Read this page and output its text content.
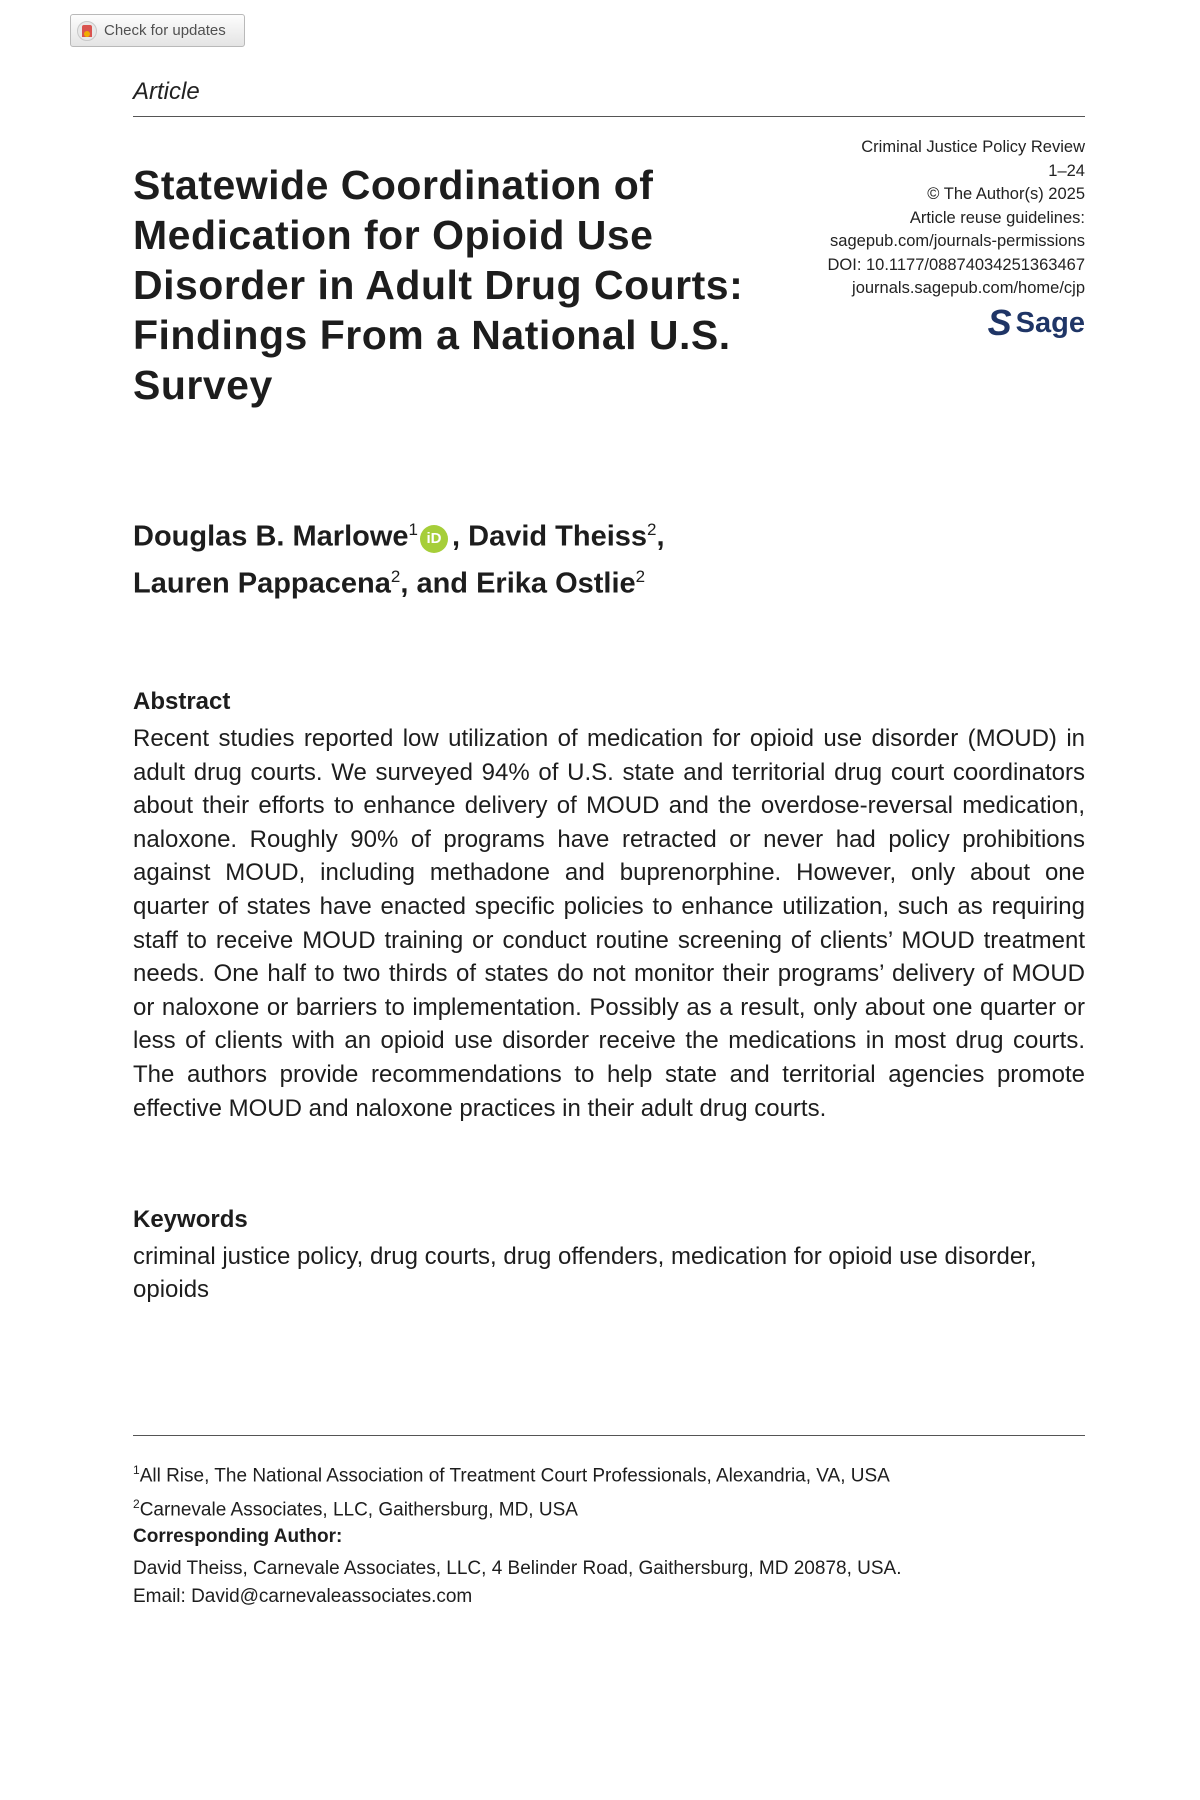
Check for updates
Article
Statewide Coordination of Medication for Opioid Use Disorder in Adult Drug Courts: Findings From a National U.S. Survey
Criminal Justice Policy Review
1–24
© The Author(s) 2025
Article reuse guidelines:
sagepub.com/journals-permissions
DOI: 10.1177/08874034251363467
journals.sagepub.com/home/cjp
S Sage
Douglas B. Marlowe$^1$ iD , David Theiss$^2$,
Lauren Pappacena$^2$, and Erika Ostlie$^2$
Abstract

Recent studies reported low utilization of medication for opioid use disorder (MOUD) in adult drug courts. We surveyed 94% of U.S. state and territorial drug court coordinators about their efforts to enhance delivery of MOUD and the overdose-reversal medication, naloxone. Roughly 90% of programs have retracted or never had policy prohibitions against MOUD, including methadone and buprenorphine. However, only about one quarter of states have enacted specific policies to enhance utilization, such as requiring staff to receive MOUD training or conduct routine screening of clients’ MOUD treatment needs. One half to two thirds of states do not monitor their programs’ delivery of MOUD or naloxone or barriers to implementation. Possibly as a result, only about one quarter or less of clients with an opioid use disorder receive the medications in most drug courts. The authors provide recommendations to help state and territorial agencies promote effective MOUD and naloxone practices in their adult drug courts.

Keywords

criminal justice policy, drug courts, drug offenders, medication for opioid use disorder, opioids

$^1$All Rise, The National Association of Treatment Court Professionals, Alexandria, VA, USA
$^2$Carnevale Associates, LLC, Gaithersburg, MD, USA
Corresponding Author:
David Theiss, Carnevale Associates, LLC, 4 Belinder Road, Gaithersburg, MD 20878, USA.
Email: David@carnevaleassociates.com
